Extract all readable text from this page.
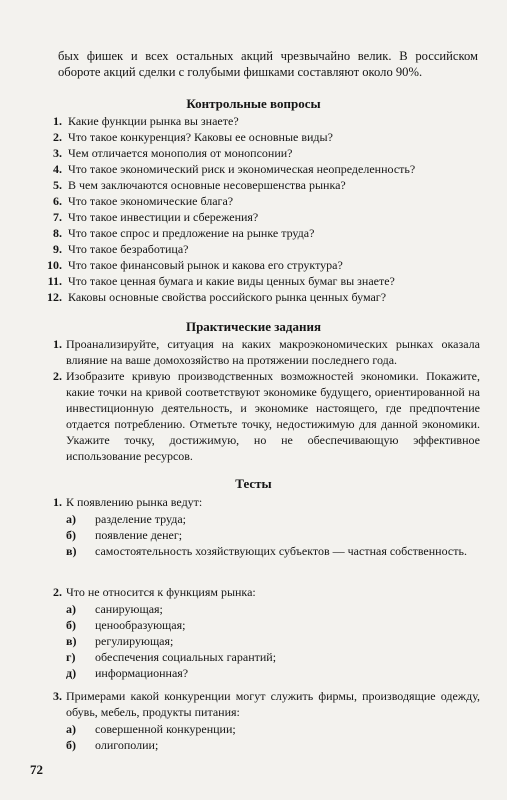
бых фишек и всех остальных акций чрезвычайно велик. В российском обороте акций сделки с голубыми фишками составляют около 90%.
Контрольные вопросы
1. Какие функции рынка вы знаете?
2. Что такое конкуренция? Каковы ее основные виды?
3. Чем отличается монополия от монопсонии?
4. Что такое экономический риск и экономическая неопределенность?
5. В чем заключаются основные несовершенства рынка?
6. Что такое экономические блага?
7. Что такое инвестиции и сбережения?
8. Что такое спрос и предложение на рынке труда?
9. Что такое безработица?
10. Что такое финансовый рынок и какова его структура?
11. Что такое ценная бумага и какие виды ценных бумаг вы знаете?
12. Каковы основные свойства российского рынка ценных бумаг?
Практические задания
1. Проанализируйте, ситуация на каких макроэкономических рынках оказала влияние на ваше домохозяйство на протяжении последнего года.
2. Изобразите кривую производственных возможностей экономики. Покажите, какие точки на кривой соответствуют экономике будущего, ориентированной на инвестиционную деятельность, и экономике настоящего, где предпочтение отдается потреблению. Отметьте точку, недостижимую для данной экономики. Укажите точку, достижимую, но не обеспечивающую эффективное использование ресурсов.
Тесты
1. К появлению рынка ведут:
а) разделение труда;
б) появление денег;
в) самостоятельность хозяйствующих субъектов — частная собственность.
2. Что не относится к функциям рынка:
а) санирующая;
б) ценообразующая;
в) регулирующая;
г) обеспечения социальных гарантий;
д) информационная?
3. Примерами какой конкуренции могут служить фирмы, производящие одежду, обувь, мебель, продукты питания:
а) совершенной конкуренции;
б) олигополии;
72
